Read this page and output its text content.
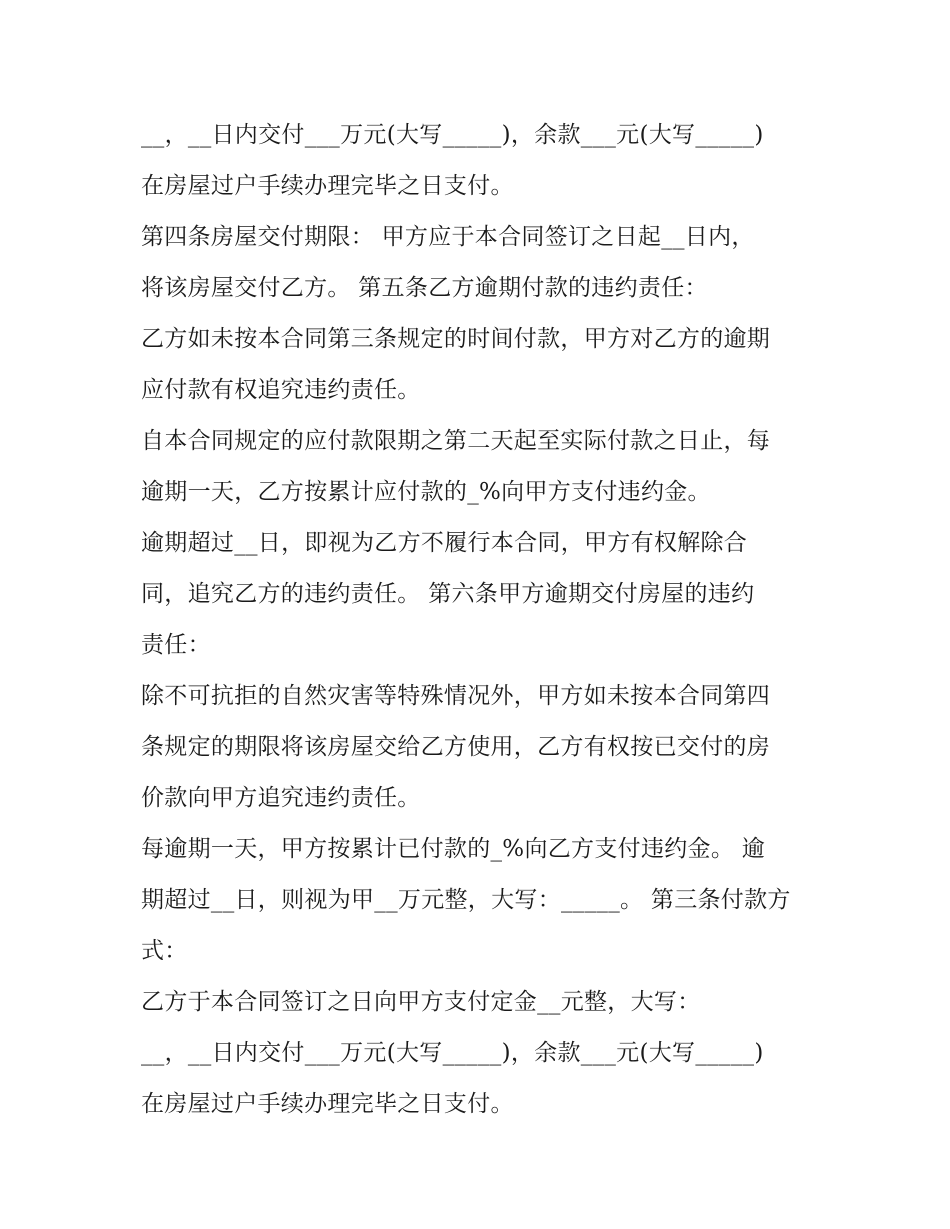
__，__日内交付___万元(大写_____)，余款___元(大写_____)
在房屋过户手续办理完毕之日支付。
第四条房屋交付期限： 甲方应于本合同签订之日起__日内，
将该房屋交付乙方。 第五条乙方逾期付款的违约责任：
乙方如未按本合同第三条规定的时间付款，甲方对乙方的逾期
应付款有权追究违约责任。
自本合同规定的应付款限期之第二天起至实际付款之日止，每
逾期一天，乙方按累计应付款的_%向甲方支付违约金。
逾期超过__日，即视为乙方不履行本合同，甲方有权解除合
同，追究乙方的违约责任。 第六条甲方逾期交付房屋的违约
责任：
除不可抗拒的自然灾害等特殊情况外，甲方如未按本合同第四
条规定的期限将该房屋交给乙方使用，乙方有权按已交付的房
价款向甲方追究违约责任。
每逾期一天，甲方按累计已付款的_%向乙方支付违约金。 逾
期超过__日，则视为甲__万元整，大写：_____。 第三条付款方
式：
乙方于本合同签订之日向甲方支付定金__元整，大写：
__，__日内交付___万元(大写_____)，余款___元(大写_____)
在房屋过户手续办理完毕之日支付。
